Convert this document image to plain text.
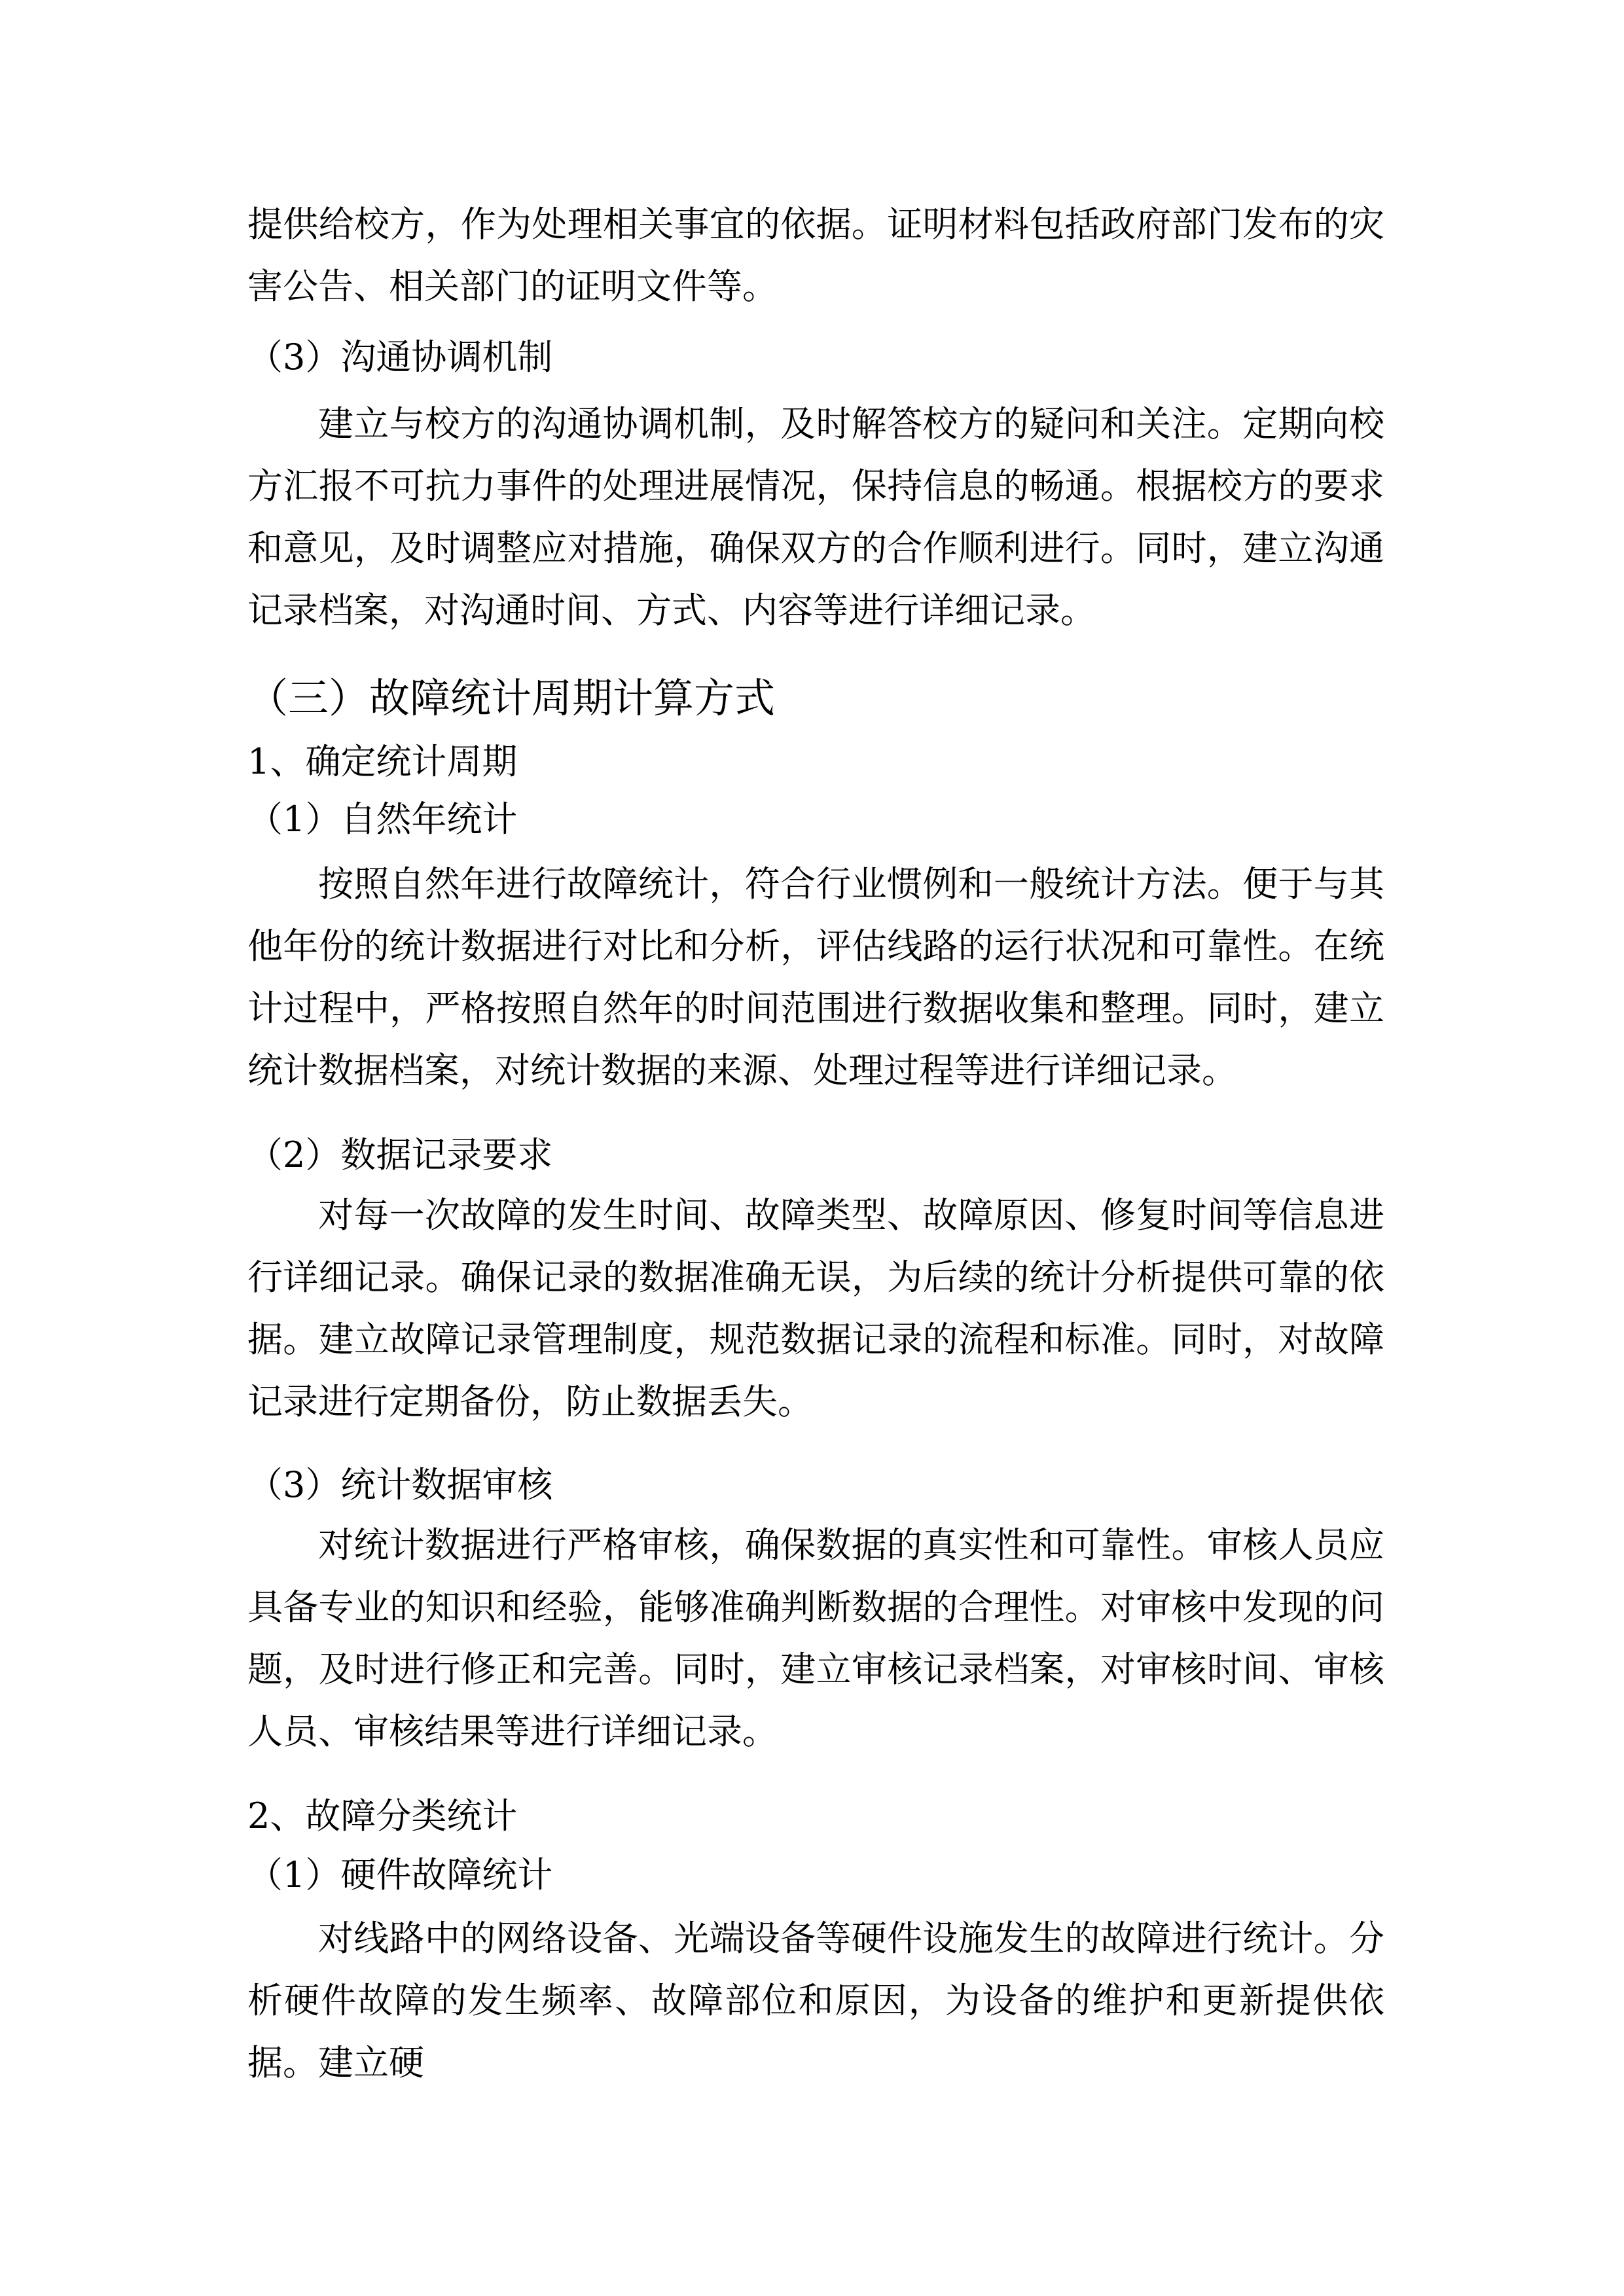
提供给校方，作为处理相关事宜的依据。证明材料包括政府部门发布的灾害公告、相关部门的证明文件等。
（3）沟通协调机制
建立与校方的沟通协调机制，及时解答校方的疑问和关注。定期向校方汇报不可抗力事件的处理进展情况，保持信息的畅通。根据校方的要求和意见，及时调整应对措施，确保双方的合作顺利进行。同时，建立沟通记录档案，对沟通时间、方式、内容等进行详细记录。
（三）故障统计周期计算方式
1、确定统计周期
（1）自然年统计
按照自然年进行故障统计，符合行业惯例和一般统计方法。便于与其他年份的统计数据进行对比和分析，评估线路的运行状况和可靠性。在统计过程中，严格按照自然年的时间范围进行数据收集和整理。同时，建立统计数据档案，对统计数据的来源、处理过程等进行详细记录。
（2）数据记录要求
对每一次故障的发生时间、故障类型、故障原因、修复时间等信息进行详细记录。确保记录的数据准确无误，为后续的统计分析提供可靠的依据。建立故障记录管理制度，规范数据记录的流程和标准。同时，对故障记录进行定期备份，防止数据丢失。
（3）统计数据审核
对统计数据进行严格审核，确保数据的真实性和可靠性。审核人员应具备专业的知识和经验，能够准确判断数据的合理性。对审核中发现的问题，及时进行修正和完善。同时，建立审核记录档案，对审核时间、审核人员、审核结果等进行详细记录。
2、故障分类统计
（1）硬件故障统计
对线路中的网络设备、光端设备等硬件设施发生的故障进行统计。分析硬件故障的发生频率、故障部位和原因，为设备的维护和更新提供依据。建立硬
